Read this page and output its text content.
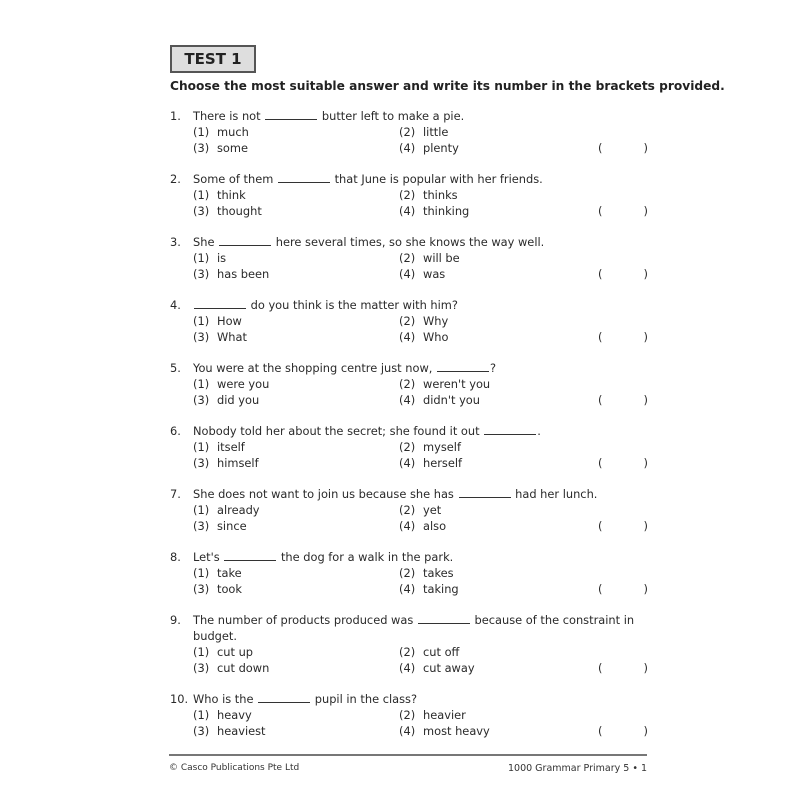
TEST 1
Choose the most suitable answer and write its number in the brackets provided.
1. There is not	butter left to make a pie.
(1) much	(2) little
(3) some	(4) plenty	(	)
2. Some of them	that June is popular with her friends.
(1) think	(2) thinks
(3) thought	(4) thinking	(	)
3. She	here several times, so she knows the way well.
(1) is	(2) will be
(3) has been	(4) was	(	)
4.	do you think is the matter with him?
(1) How	(2) Why
(3) What	(4) Who	(	)
5. You were at the shopping centre just now,	?
(1) were you	(2) weren't you
(3) did you	(4) didn't you	(	)
6. Nobody told her about the secret; she found it out	.
(1) itself	(2) myself
(3) himself	(4) herself	(	)
7. She does not want to join us because she has	had her lunch.
(1) already	(2) yet
(3) since	(4) also	(	)
8. Let's	the dog for a walk in the park.
(1) take	(2) takes
(3) took	(4) taking	(	)
9. The number of products produced was	because of the constraint in budget.
(1) cut up	(2) cut off
(3) cut down	(4) cut away	(	)
10. Who is the	pupil in the class?
(1) heavy	(2) heavier
(3) heaviest	(4) most heavy	(	)
© Casco Publications Pte Ltd	1000 Grammar Primary 5 • 1
